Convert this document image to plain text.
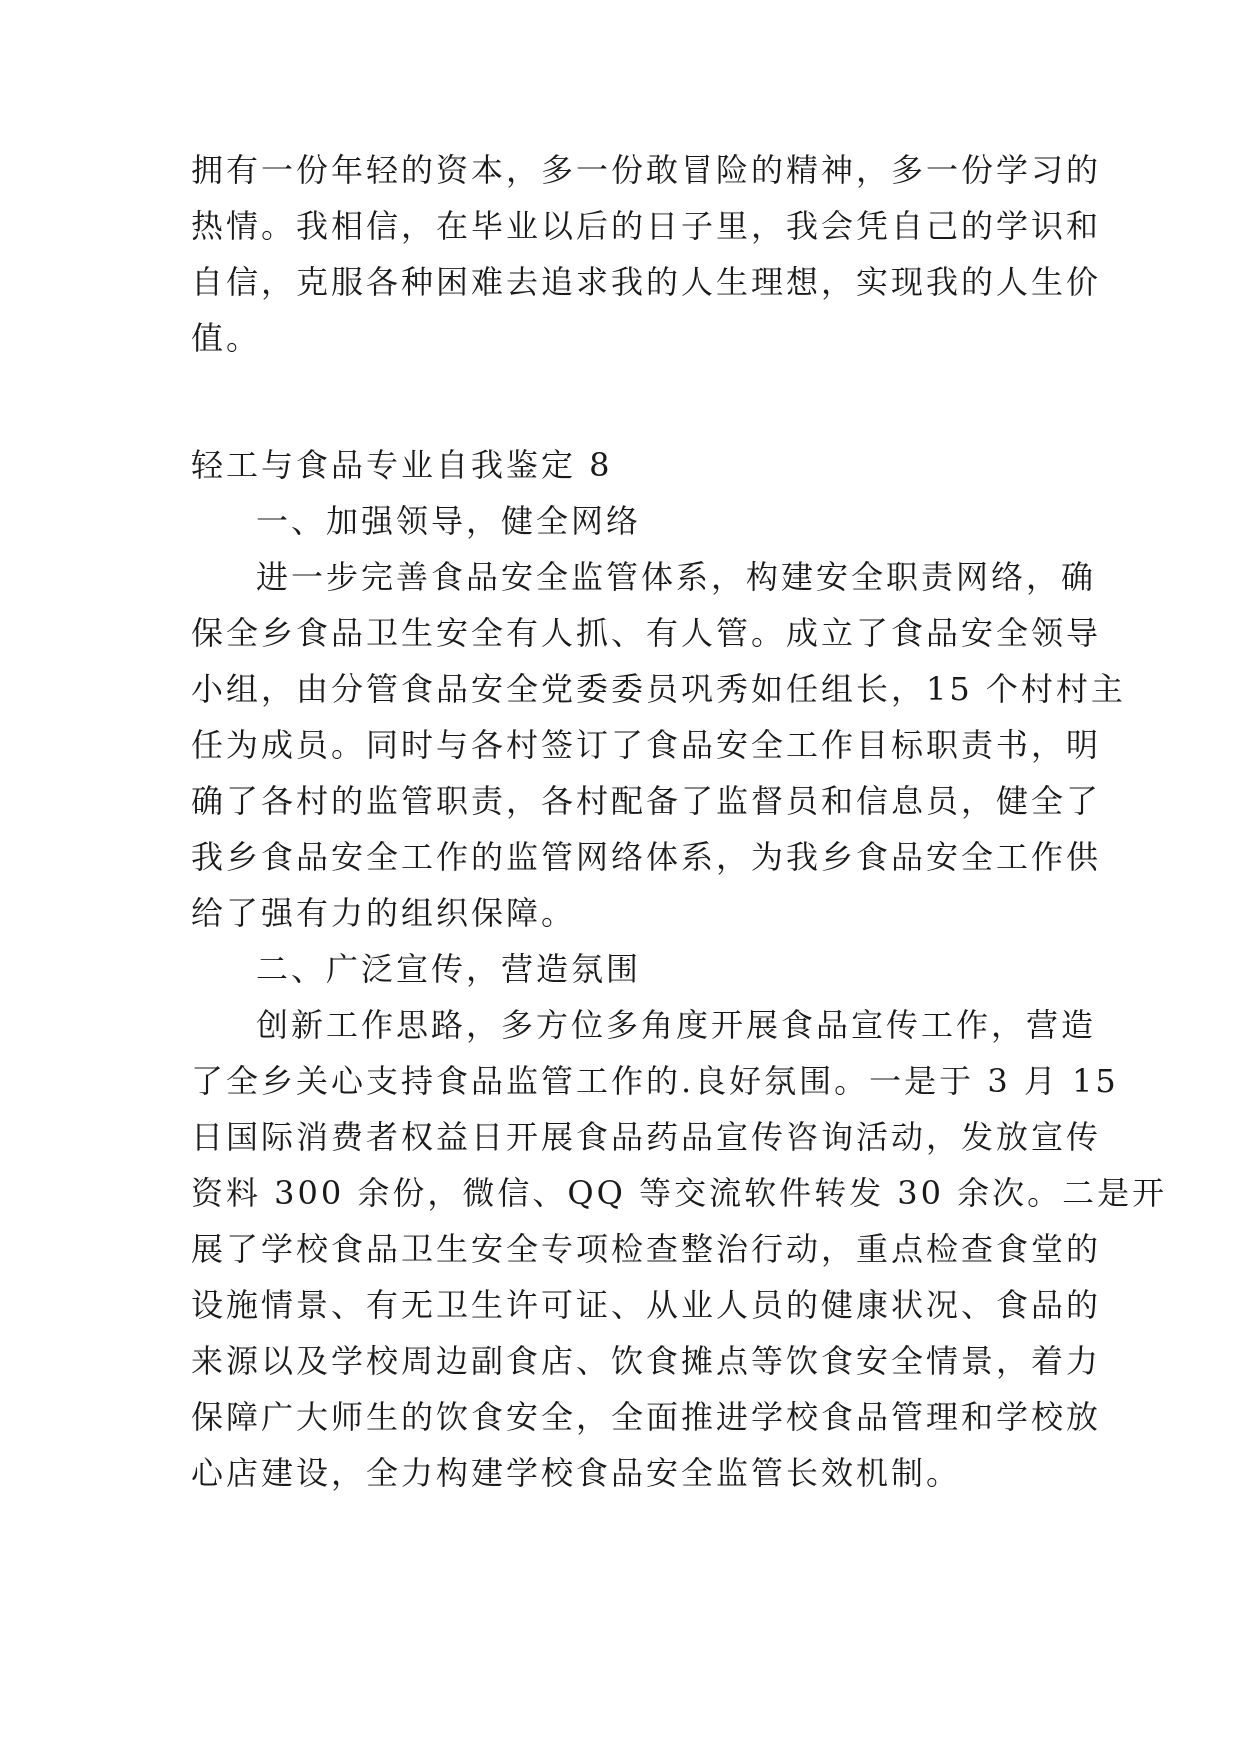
拥有一份年轻的资本，多一份敢冒险的精神，多一份学习的
热情。我相信，在毕业以后的日子里，我会凭自己的学识和
自信，克服各种困难去追求我的人生理想，实现我的人生价
值。
轻工与食品专业自我鉴定 8
一、加强领导，健全网络
进一步完善食品安全监管体系，构建安全职责网络，确
保全乡食品卫生安全有人抓、有人管。成立了食品安全领导
小组，由分管食品安全党委委员巩秀如任组长，15 个村村主
任为成员。同时与各村签订了食品安全工作目标职责书，明
确了各村的监管职责，各村配备了监督员和信息员，健全了
我乡食品安全工作的监管网络体系，为我乡食品安全工作供
给了强有力的组织保障。
二、广泛宣传，营造氛围
创新工作思路，多方位多角度开展食品宣传工作，营造
了全乡关心支持食品监管工作的.良好氛围。一是于 3 月 15
日国际消费者权益日开展食品药品宣传咨询活动，发放宣传
资料 300 余份，微信、QQ 等交流软件转发 30 余次。二是开
展了学校食品卫生安全专项检查整治行动，重点检查食堂的
设施情景、有无卫生许可证、从业人员的健康状况、食品的
来源以及学校周边副食店、饮食摊点等饮食安全情景，着力
保障广大师生的饮食安全，全面推进学校食品管理和学校放
心店建设，全力构建学校食品安全监管长效机制。
